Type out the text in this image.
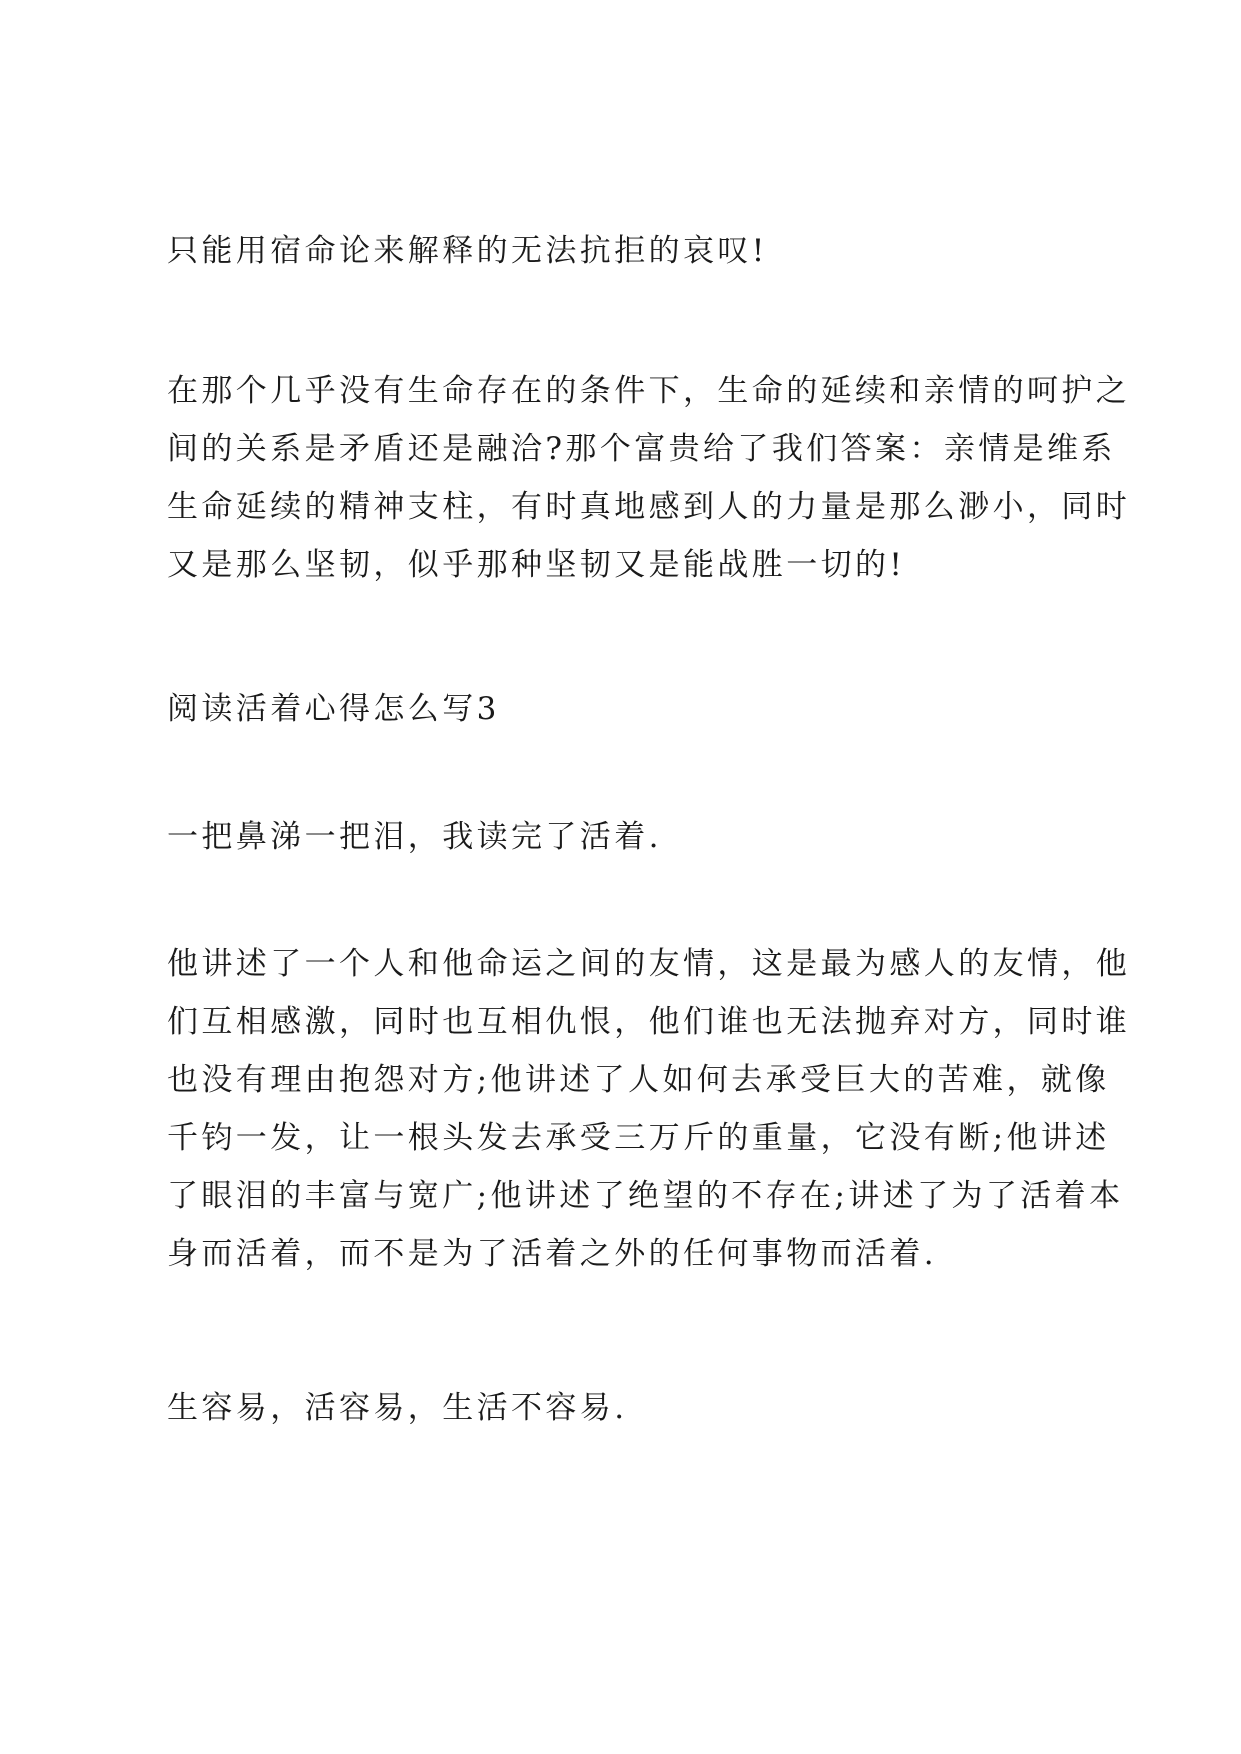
只能用宿命论来解释的无法抗拒的哀叹!

在那个几乎没有生命存在的条件下，生命的延续和亲情的呵护之
间的关系是矛盾还是融洽?那个富贵给了我们答案：亲情是维系
生命延续的精神支柱，有时真地感到人的力量是那么渺小，同时
又是那么坚韧，似乎那种坚韧又是能战胜一切的!

阅读活着心得怎么写3

一把鼻涕一把泪，我读完了活着.

他讲述了一个人和他命运之间的友情，这是最为感人的友情，他
们互相感激，同时也互相仇恨，他们谁也无法抛弃对方，同时谁
也没有理由抱怨对方;他讲述了人如何去承受巨大的苦难，就像
千钧一发，让一根头发去承受三万斤的重量，它没有断;他讲述
了眼泪的丰富与宽广;他讲述了绝望的不存在;讲述了为了活着本
身而活着，而不是为了活着之外的任何事物而活着.

生容易，活容易，生活不容易.
